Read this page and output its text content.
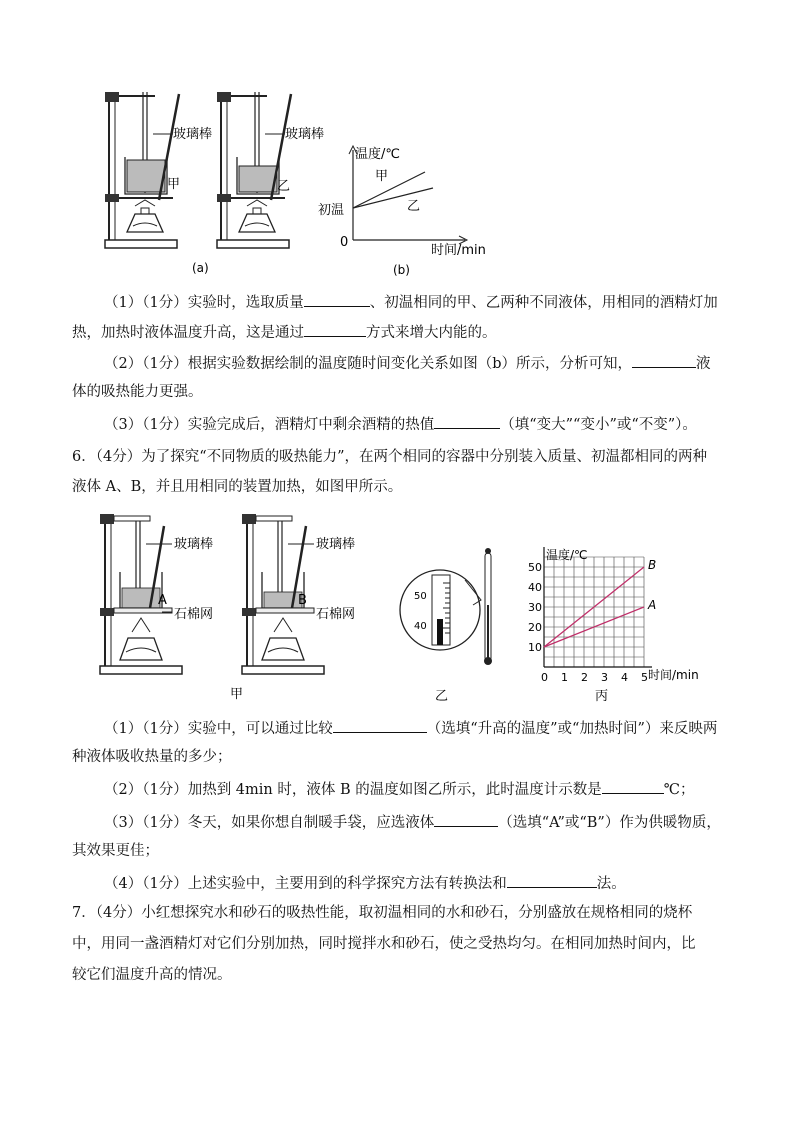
玻璃棒
甲
玻璃棒
乙
(a)
温度/℃
甲
乙
初温
0
时间/min
(b)
（1）（1分）实验时，选取质量	、初温相同的甲、乙两种不同液体，用相同的酒精灯加
热，加热时液体温度升高，这是通过	方式来增大内能的。
（2）（1分）根据实验数据绘制的温度随时间变化关系如图（b）所示，分析可知，	液
体的吸热能力更强。
（3）（1分）实验完成后，酒精灯中剩余酒精的热值	（填“变大”“变小”或“不变”）。
6．（4分）为了探究“不同物质的吸热能力”，在两个相同的容器中分别装入质量、初温都相同的两种
液体 A、B，并且用相同的装置加热，如图甲所示。
玻璃棒
A
石棉网
玻璃棒
B
石棉网
甲
50
40
乙
0 1 2 3 4 5
10
20
30
40
50	B
A
温度/℃
时间/min
丙
（1）（1分）实验中，可以通过比较	（选填“升高的温度”或“加热时间”）来反映两
种液体吸收热量的多少；
（2）（1分）加热到 4min 时，液体 B 的温度如图乙所示，此时温度计示数是	℃；
（3）（1分）冬天，如果你想自制暖手袋，应选液体	（选填“A”或“B”）作为供暖物质，
其效果更佳；
（4）（1分）上述实验中，主要用到的科学探究方法有转换法和	法。
7．（4分）小红想探究水和砂石的吸热性能，取初温相同的水和砂石，分别盛放在规格相同的烧杯
中，用同一盏酒精灯对它们分别加热，同时搅拌水和砂石，使之受热均匀。在相同加热时间内，比
较它们温度升高的情况。
